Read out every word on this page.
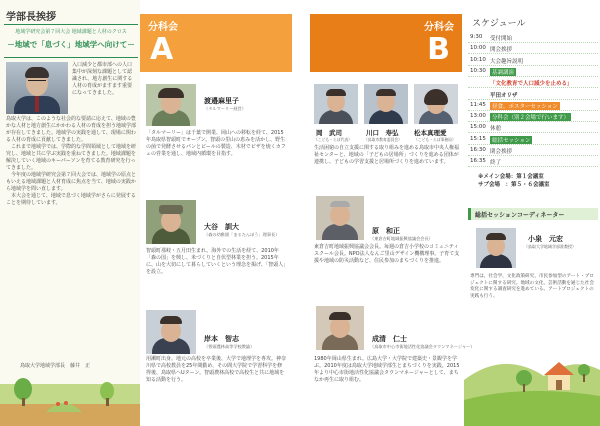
学部長挨拶
地域学研究会第７回大会 地域課題と人材のクロス
－地域で「息づく」地域学へ向けて－
入口減少と都市部への人口集中が深刻な課題として認識され、地方創生に関する人材の育成がますます重要になってきました。
鳥取大学は、このような社会的な要請に応えて、地域の豊かな人材と地方創生にかかわる人材の育成を担う地域学部が存在してきました。地域学の実践を通して、現場に関わる人材の育成に貢献してきました。
　これまで地域学では、学際的な学問領域として地域を研究し、地域と共に学ぶ実践を重ねてきました。地域課題を解決していく地域のキーパーソンを育てる教育研究を行ってきました。
　今年度の地域学研究会第７回大会では、地域学の原点ともいえる地域課題と人材育成に焦点を当て、地域の実践から地域学を問い直します。
　本大会を通じて、地域で息づく地域学がさらに発展することを期待しています。
鳥取大学地域学部長　藤井　正
分科会
A
渡邉麻里子
（タルマーリー経営）
「タルマーリー」は千葉で開業、岡山への移転を経て、2015年鳥取県智頭町でオープン。智頭の里山の恵みを活かし、野生の菌で発酵させるパンとビールの製造、木材でピザを焼くカフェの営業を通し、地域内循環を目指す。
大谷　訓大
（森の幼稚園「まるたんぼう」理事長）
智頭町那岐・五月田生まれ。海外での生活を経て、2010年「森の国」を興し、米づくりと自伏型林業を担う。2015年に、山を大切にして暮らしていくという理念を掲げ、「智頭人」を設立。
岸本　智志
（智頭農林高等学校教諭）
用瀬町出身。地元の高校を卒業後、大学で地理学を専攻。神奈川県で高校教員を25年間勤め、その間大学院で学習科学を修得後、鳥取県へUターン。智頭農林高校で高校生と共に地域を知る活動を行う。
分科会
B
岡　武司
（こども・らぼ代表）
川口　寿弘
（鳥取市教育委員会）
松本真理愛
（こども・らぼ事務局）
生活困窮の自立支援に関する取り組みを進める鳥取市中央人権福祉センターと、地域の「子どもの居場所」づくりを進める団体が連携し、子どもの学習支援と居場所づくりを進めています。
原　和正
（東倉吉町地域振興協議会会長）
東倉吉町地域振興協議会会長。毎週の倉吉小学校のコミュニティスクール会長。NPO法人なんご里山デザイン機構理事。子育て支援や地域の防災活動など、住民参加のまちづくりを推進。
成清　仁士
（鳥取市中心市街地活性化協議会タウンマネージャー）
1980年岡山県生まれ。広島大学・大学院で建築史・景観学を学ぶ。2010年度は鳥取大学地域学部生とまちづくりを実践。2015年より中心市街地活性化協議会タウンマネージャーとして、まちなか再生に取り組む。
スケジュール
9:30	受付開始
10:00 開会挨拶
10:10 大会趣旨説明
10:30	基調講演
「文化教育で人口減少を止める」
平田オリザ
11:45	昼食、ポスターセッション
13:00	分科会（別２会場で行います）
15:00 休憩
15:15	総括セッション
16:30 閉会挨拶
16:35 終了
※メイン会場：第１会議室
サブ会場　：第５・６会議室
総括セッションコーディネーター
小泉　元宏
（鳥取大学地域学部准教授）
専門は、社会学、文化政策研究、市民参加型のアート・プロジェクトに関する研究。地域の文化、芸術活動を通じた社会変化に関する調査研究を進めている。アートプロジェクトの実践も行う。
